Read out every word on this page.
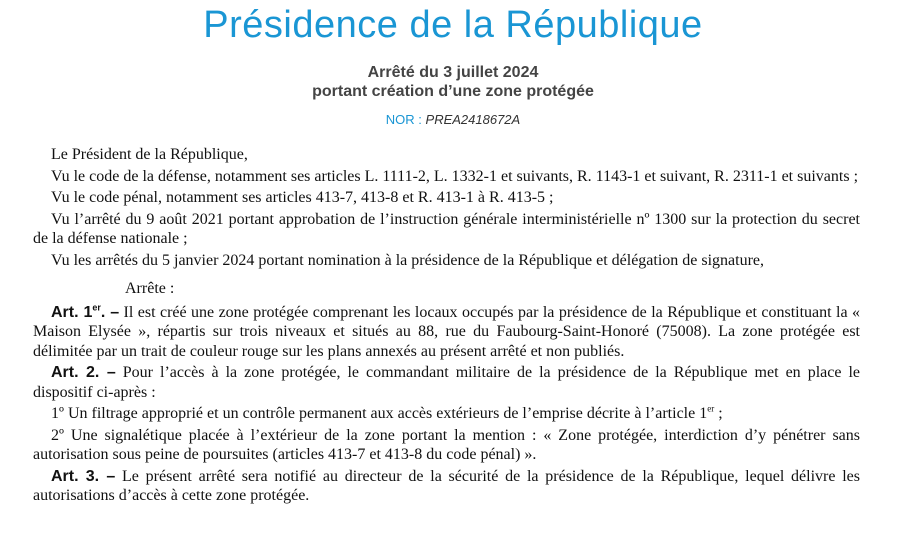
Présidence de la République
Arrêté du 3 juillet 2024
portant création d’une zone protégée
NOR : PREA2418672A

Le Président de la République,

Vu le code de la défense, notamment ses articles L. 1111-2, L. 1332-1 et suivants, R. 1143-1 et suivant, R. 2311-1 et suivants ;

Vu le code pénal, notamment ses articles 413-7, 413-8 et R. 413-1 à R. 413-5 ;

Vu l’arrêté du 9 août 2021 portant approbation de l’instruction générale interministérielle nº 1300 sur la protection du secret de la défense nationale ;

Vu les arrêtés du 5 janvier 2024 portant nomination à la présidence de la République et délégation de signature,

Arrête :

Art. 1er. – Il est créé une zone protégée comprenant les locaux occupés par la présidence de la République et constituant la « Maison Elysée », répartis sur trois niveaux et situés au 88, rue du Faubourg-Saint-Honoré (75008). La zone protégée est délimitée par un trait de couleur rouge sur les plans annexés au présent arrêté et non publiés.

Art. 2. – Pour l’accès à la zone protégée, le commandant militaire de la présidence de la République met en place le dispositif ci-après :

1º Un filtrage approprié et un contrôle permanent aux accès extérieurs de l’emprise décrite à l’article 1er ;

2º Une signalétique placée à l’extérieur de la zone portant la mention : « Zone protégée, interdiction d’y pénétrer sans autorisation sous peine de poursuites (articles 413-7 et 413-8 du code pénal) ».

Art. 3. – Le présent arrêté sera notifié au directeur de la sécurité de la présidence de la République, lequel délivre les autorisations d’accès à cette zone protégée.
